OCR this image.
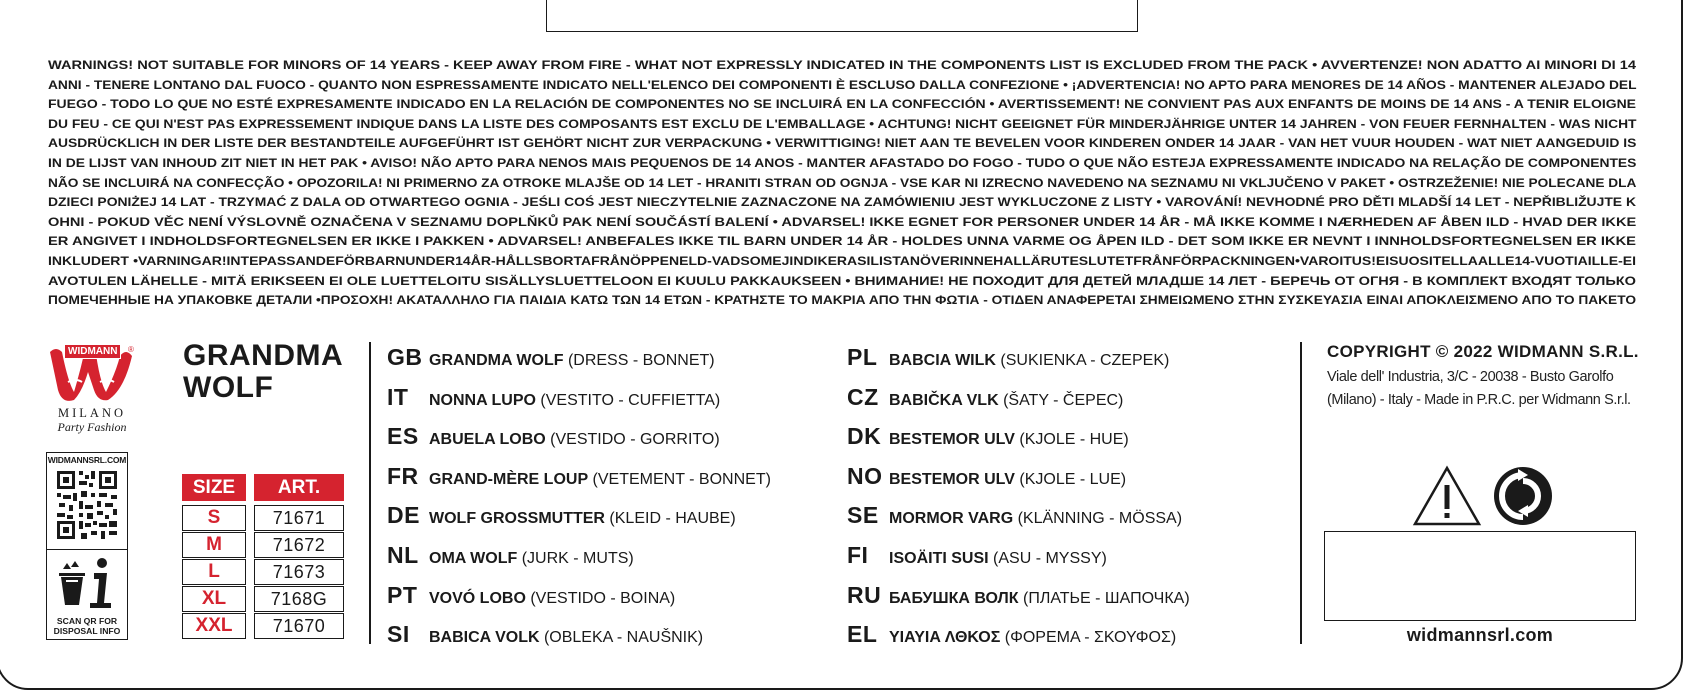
WARNINGS! NOT SUITABLE FOR MINORS OF 14 YEARS - KEEP AWAY FROM FIRE - WHAT NOT EXPRESSLY INDICATED IN THE COMPONENTS LIST IS EXCLUDED FROM THE PACK • AVVERTENZE! NON ADATTO AI MINORI DI 14
ANNI - TENERE LONTANO DAL FUOCO - QUANTO NON ESPRESSAMENTE INDICATO NELL'ELENCO DEI COMPONENTI È ESCLUSO DALLA CONFEZIONE • ¡ADVERTENCIA! NO APTO PARA MENORES DE 14 AÑOS - MANTENER ALEJADO DEL
FUEGO - TODO LO QUE NO ESTÉ EXPRESAMENTE INDICADO EN LA RELACIÓN DE COMPONENTES NO SE INCLUIRÁ EN LA CONFECCIÓN • AVERTISSEMENT! NE CONVIENT PAS AUX ENFANTS DE MOINS DE 14 ANS - A TENIR ELOIGNE
DU FEU - CE QUI N'EST PAS EXPRESSEMENT INDIQUE DANS LA LISTE DES COMPOSANTS EST EXCLU DE L'EMBALLAGE • ACHTUNG! NICHT GEEIGNET FÜR MINDERJÄHRIGE UNTER 14 JAHREN - VON FEUER FERNHALTEN - WAS NICHT
AUSDRÜCKLICH IN DER LISTE DER BESTANDTEILE AUFGEFÜHRT IST GEHÖRT NICHT ZUR VERPACKUNG • VERWITTIGING! NIET AAN TE BEVELEN VOOR KINDEREN ONDER 14 JAAR - VAN HET VUUR HOUDEN - WAT NIET AANGEDUID IS
IN DE LIJST VAN INHOUD ZIT NIET IN HET PAK • AVISO! NÃO APTO PARA NENOS MAIS PEQUENOS DE 14 ANOS - MANTER AFASTADO DO FOGO - TUDO O QUE NÃO ESTEJA EXPRESSAMENTE INDICADO NA RELAÇÃO DE COMPONENTES
NÃO SE INCLUIRÁ NA CONFECÇÃO • OPOZORILA! NI PRIMERNO ZA OTROKE MLAJŠE OD 14 LET - HRANITI STRAN OD OGNJA - VSE KAR NI IZRECNO NAVEDENO NA SEZNAMU NI VKLJUČENO V PAKET • OSTRZEŽENIE! NIE POLECANE DLA
DZIECI PONIŻEJ 14 LAT - TRZYMAĆ Z DALA OD OTWARTEGO OGNIA - JEŚLI COŚ JEST NIECZYTELNIE ZAZNACZONE NA ZAMÓWIENIU JEST WYKLUCZONE Z LISTY • VAROVÁNÍ! NEVHODNÉ PRO DĚTI MLADŠÍ 14 LET - NEPŘIBLIŽUJTE K
OHNI - POKUD VĚC NENÍ VÝSLOVNĚ OZNAČENA V SEZNAMU DOPLŇKŮ PAK NENÍ SOUČÁSTÍ BALENÍ • ADVARSEL! IKKE EGNET FOR PERSONER UNDER 14 ÅR - MÅ IKKE KOMME I NÆRHEDEN AF ÅBEN ILD - HVAD DER IKKE
ER ANGIVET I INDHOLDSFORTEGNELSEN ER IKKE I PAKKEN • ADVARSEL! ANBEFALES IKKE TIL BARN UNDER 14 ÅR - HOLDES UNNA VARME OG ÅPEN ILD - DET SOM IKKE ER NEVNT I INNHOLDSFORTEGNELSEN ER IKKE
INKLUDERT •VARNINGAR!INTEPASSANDEFÖRBARNUNDER14ÅR-HÅLLSBORTAFRÅNÖPPENELD-VADSOMEJINDIKERASILISTANÖVERINNEHALLÄRUTESLUTETFRÅNFÖRPACKNINGEN•VAROITUS!EISUOSITELLAALLE14-VUOTIAILLE-EI
AVOTULEN LÄHELLE - MITÄ ERIKSEEN EI OLE LUETTELOITU SISÄLLYSLUETTELOON EI KUULU PAKKAUKSEEN • ВНИМАНИЕ! НЕ ПОХОДИТ ДЛЯ ДЕТЕЙ МЛАДШЕ 14 ЛЕТ - БЕРЕЧЬ ОТ ОГНЯ - В КОМПЛЕКТ ВХОДЯТ ТОЛЬКО
ПОМЕЧЕННЫЕ НА УПАКОВКЕ ДЕТАЛИ •ΠΡΟΣΟΧΗ! ΑΚΑΤΑΛΛΗΛΟ ΓΙΑ ΠΑΙΔΙΑ ΚΑΤΩ ΤΩΝ 14 ΕΤΩΝ - ΚΡΑΤΗΣΤΕ ΤΟ ΜΑΚΡΙΑ ΑΠΟ ΤΗΝ ΦΩΤΙΑ - ΟΤΙΔΕΝ ΑΝΑΦΕΡΕΤΑΙ ΣΗΜΕΙΩΜΕΝΟ ΣΤΗΝ ΣΥΣΚΕΥΑΣΙΑ ΕΙΝΑΙ ΑΠΟΚΛΕΙΣΜΕΝΟ ΑΠΟ ΤΟ ΠΑΚΕΤΟ
WIDMANN	®
MILANO
Party Fashion
WIDMANNSRL.COM
SCAN QR FOR
DISPOSAL INFO
GRANDMA
WOLF
SIZE	ART.
S	71671
M	71672
L	71673
XL	7168G
XXL	71670
GB GRANDMA WOLF (DRESS - BONNET)
IT	NONNA LUPO (VESTITO - CUFFIETTA)
ES ABUELA LOBO (VESTIDO - GORRITO)
FR GRAND-MÈRE LOUP (VETEMENT - BONNET)
DE WOLF GROSSMUTTER (KLEID - HAUBE)
NL OMA WOLF (JURK - MUTS)
PT VOVÓ LOBO (VESTIDO - BOINA)
SI	BABICA VOLK (OBLEKA - NAUŠNIK)
PL BABCIA WILK (SUKIENKA - CZEPEK)
CZ BABIČKA VLK (ŠATY - ČEPEC)
DK BESTEMOR ULV (KJOLE - HUE)
NO BESTEMOR ULV (KJOLE - LUE)
SE MORMOR VARG (KLÄNNING - MÖSSA)
FI	ISOÄITI SUSI (ASU - MYSSY)
RU БАБУШКА ВОЛК (ПЛАТЬЕ - ШАПОЧКА)
EL ΥΙΑΥΙΑ ΛΘΚΟΣ (ΦΟΡΕΜΑ - ΣΚΟΥΦΟΣ)
COPYRIGHT © 2022 WIDMANN S.R.L.
Viale dell' Industria, 3/C - 20038 - Busto Garolfo
(Milano) - Italy - Made in P.R.C. per Widmann S.r.l.
widmannsrl.com
